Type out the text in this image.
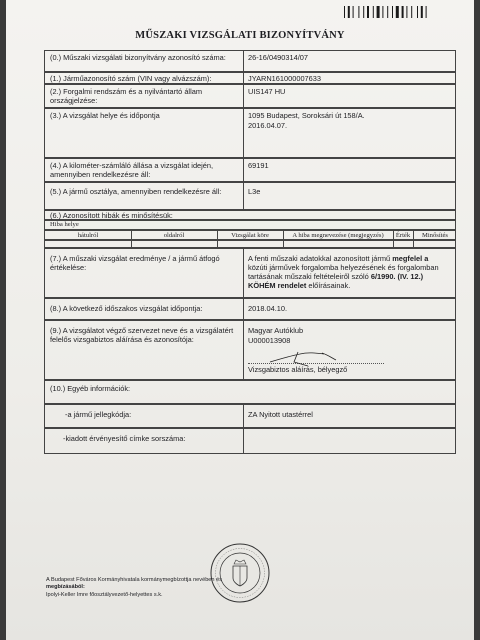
MŰSZAKI VIZSGÁLATI BIZONYÍTVÁNY
(0.) Műszaki vizsgálati bizonyítvány azonosító száma:	26-16/0490314/07
(1.) Járműazonosító szám (VIN vagy alvázszám):	JYARN161000007633
(2.) Forgalmi rendszám és a nyilvántartó állam országjelzése:
UIS147 HU
(3.) A vizsgálat helye és időpontja	1095 Budapest, Soroksári út 158/A.
2016.04.07.
(4.) A kilométer-számláló állása a vizsgálat idején, amennyiben rendelkezésre áll:
69191
(5.) A jármű osztálya, amennyiben rendelkezésre áll:	L3e
(6.) Azonosított hibák és minősítésük:
Hiba helye
hátulról	oldalról	Vizsgálat köre	A hiba megnevezése (megjegyzés)	Érték	Minősítés
(7.) A műszaki vizsgálat eredménye / a jármű átfogó értékelése:
A fenti műszaki adatokkal azonosított jármű megfelel a közúti járművek forgalomba helyezésének és forgalomban tartásának műszaki feltételeiről szóló 6/1990. (IV. 12.) KÖHÉM rendelet előírásainak.
(8.) A következő időszakos vizsgálat időpontja:	2018.04.10.
(9.) A vizsgálatot végző szervezet neve és a vizsgálatért felelős vizsgabiztos aláírása és azonosítója:
Magyar Autóklub
U000013908
Vizsgabiztos aláírás, bélyegző
(10.) Egyéb információk:
-a jármű jellegkódja:	ZA Nyitott utastérrel
-kiadott érvényesítő címke sorszáma:
A Budapest Főváros Kormányhivatala kormánymegbízottja nevében és
megbízásából:
Ipolyi-Keller Imre főosztályvezető-helyettes s.k.
